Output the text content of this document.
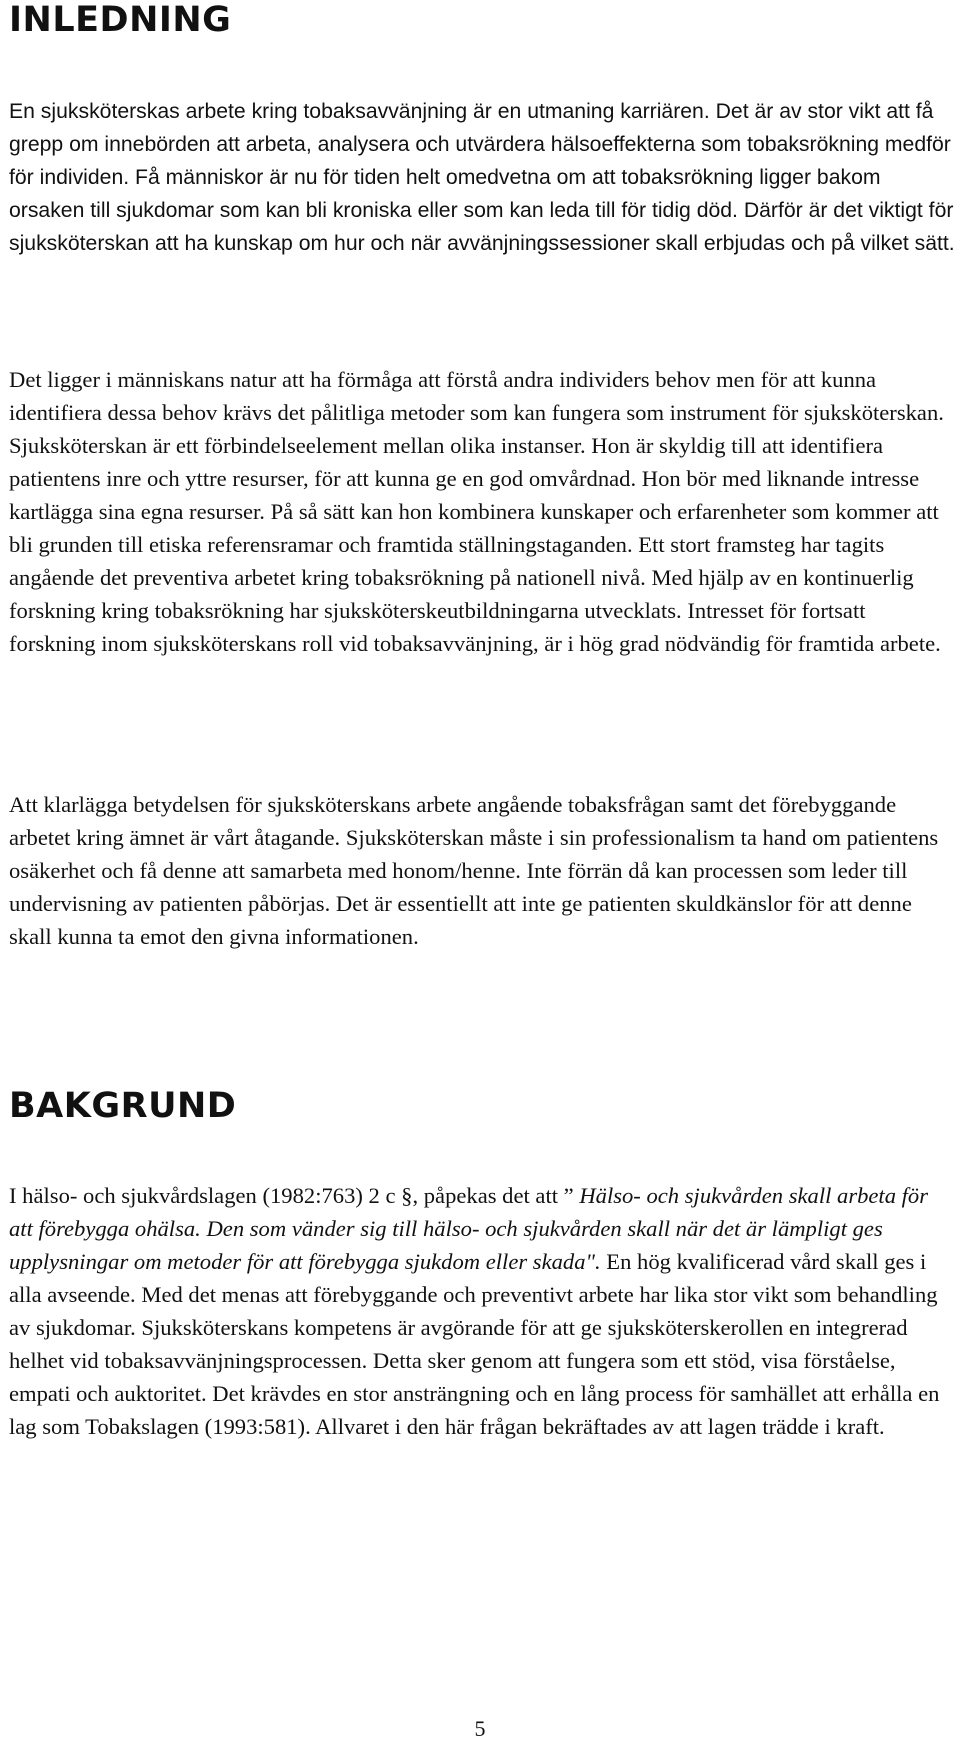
INLEDNING

En sjuksköterskas arbete kring tobaksavvänjning är en utmaning karriären. Det är av stor vikt att få grepp om innebörden att arbeta, analysera och utvärdera hälsoeffekterna som tobaksrökning medför för individen. Få människor är nu för tiden helt omedvetna om att tobaksrökning ligger bakom orsaken till sjukdomar som kan bli kroniska eller som kan leda till för tidig död. Därför är det viktigt för sjuksköterskan att ha kunskap om hur och när avvänjningssessioner skall erbjudas och på vilket sätt.

Det ligger i människans natur att ha förmåga att förstå andra individers behov men för att kunna identifiera dessa behov krävs det pålitliga metoder som kan fungera som instrument för sjuksköterskan. Sjuksköterskan är ett förbindelseelement mellan olika instanser. Hon är skyldig till att identifiera patientens inre och yttre resurser, för att kunna ge en god omvårdnad. Hon bör med liknande intresse kartlägga sina egna resurser. På så sätt kan hon kombinera kunskaper och erfarenheter som kommer att bli grunden till etiska referensramar och framtida ställningstaganden. Ett stort framsteg har tagits angående det preventiva arbetet kring tobaksrökning på nationell nivå. Med hjälp av en kontinuerlig forskning kring tobaksrökning har sjuksköterskeutbildningarna utvecklats. Intresset för fortsatt forskning inom sjuksköterskans roll vid tobaksavvänjning, är i hög grad nödvändig för framtida arbete.

Att klarlägga betydelsen för sjuksköterskans arbete angående tobaksfrågan samt det förebyggande arbetet kring ämnet är vårt åtagande. Sjuksköterskan måste i sin professionalism ta hand om patientens osäkerhet och få denne att samarbeta med honom/henne. Inte förrän då kan processen som leder till undervisning av patienten påbörjas. Det är essentiellt att inte ge patienten skuldkänslor för att denne skall kunna ta emot den givna informationen.

BAKGRUND

I hälso- och sjukvårdslagen (1982:763) 2 c §, påpekas det att ” Hälso- och sjukvården skall arbeta för att förebygga ohälsa. Den som vänder sig till hälso- och sjukvården skall när det är lämpligt ges upplysningar om metoder för att förebygga sjukdom eller skada". En hög kvalificerad vård skall ges i alla avseende. Med det menas att förebyggande och preventivt arbete har lika stor vikt som behandling av sjukdomar. Sjuksköterskans kompetens är avgörande för att ge sjuksköterskerollen en integrerad helhet vid tobaksavvänjningsprocessen. Detta sker genom att fungera som ett stöd, visa förståelse, empati och auktoritet. Det krävdes en stor ansträngning och en lång process för samhället att erhålla en lag som Tobakslagen (1993:581). Allvaret i den här frågan bekräftades av att lagen trädde i kraft.

5
